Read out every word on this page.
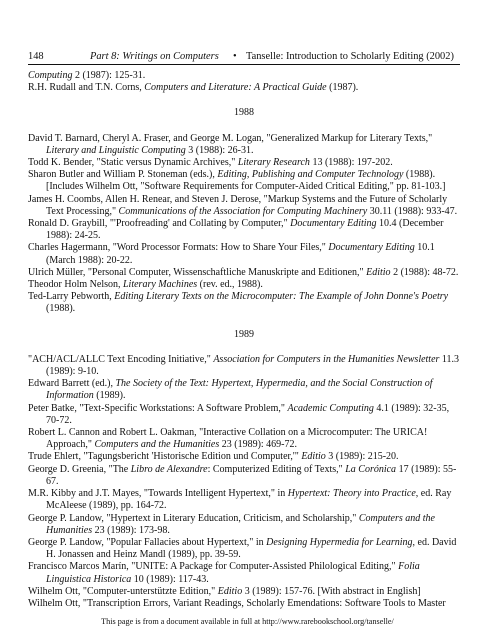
148	Part 8: Writings on Computers • Tanselle: Introduction to Scholarly Editing (2002)

Computing 2 (1987): 125-31.

R.H. Rudall and T.N. Corns, Computers and Literature: A Practical Guide (1987).

1988

David T. Barnard, Cheryl A. Fraser, and George M. Logan, "Generalized Markup for Literary Texts," Literary and Linguistic Computing 3 (1988): 26-31.

Todd K. Bender, "Static versus Dynamic Archives," Literary Research 13 (1988): 197-202.

Sharon Butler and William P. Stoneman (eds.), Editing, Publishing and Computer Technology (1988). [Includes Wilhelm Ott, "Software Requirements for Computer-Aided Critical Editing," pp. 81-103.]

James H. Coombs, Allen H. Renear, and Steven J. Derose, "Markup Systems and the Future of Scholarly Text Processing," Communications of the Association for Computing Machinery 30.11 (1988): 933-47.

Ronald D. Graybill, "'Proofreading' and Collating by Computer," Documentary Editing 10.4 (December 1988): 24-25.

Charles Hagermann, "Word Processor Formats: How to Share Your Files," Documentary Editing 10.1 (March 1988): 20-22.

Ulrich Müller, "Personal Computer, Wissenschaftliche Manuskripte and Editionen," Editio 2 (1988): 48-72.

Theodor Holm Nelson, Literary Machines (rev. ed., 1988).

Ted-Larry Pebworth, Editing Literary Texts on the Microcomputer: The Example of John Donne's Poetry (1988).

1989

"ACH/ACL/ALLC Text Encoding Initiative," Association for Computers in the Humanities Newsletter 11.3 (1989): 9-10.

Edward Barrett (ed.), The Society of the Text: Hypertext, Hypermedia, and the Social Construction of Information (1989).

Peter Batke, "Text-Specific Workstations: A Software Problem," Academic Computing 4.1 (1989): 32-35, 70-72.

Robert L. Cannon and Robert L. Oakman, "Interactive Collation on a Microcomputer: The URICA! Approach," Computers and the Humanities 23 (1989): 469-72.

Trude Ehlert, "Tagungsbericht 'Historische Edition und Computer,'" Editio 3 (1989): 215-20.

George D. Greenia, "The Libro de Alexandre: Computerized Editing of Texts," La Corónica 17 (1989): 55-67.

M.R. Kibby and J.T. Mayes, "Towards Intelligent Hypertext," in Hypertext: Theory into Practice, ed. Ray McAleese (1989), pp. 164-72.

George P. Landow, "Hypertext in Literary Education, Criticism, and Scholarship," Computers and the Humanities 23 (1989): 173-98.

George P. Landow, "Popular Fallacies about Hypertext," in Designing Hypermedia for Learning, ed. David H. Jonassen and Heinz Mandl (1989), pp. 39-59.

Francisco Marcos Marín, "UNITE: A Package for Computer-Assisted Philological Editing," Folia Linguistica Historica 10 (1989): 117-43.

Wilhelm Ott, "Computer-unterstützte Edition," Editio 3 (1989): 157-76. [With abstract in English]

Wilhelm Ott, "Transcription Errors, Variant Readings, Scholarly Emendations: Software Tools to Master

This page is from a document available in full at http://www.rarebookschool.org/tanselle/
